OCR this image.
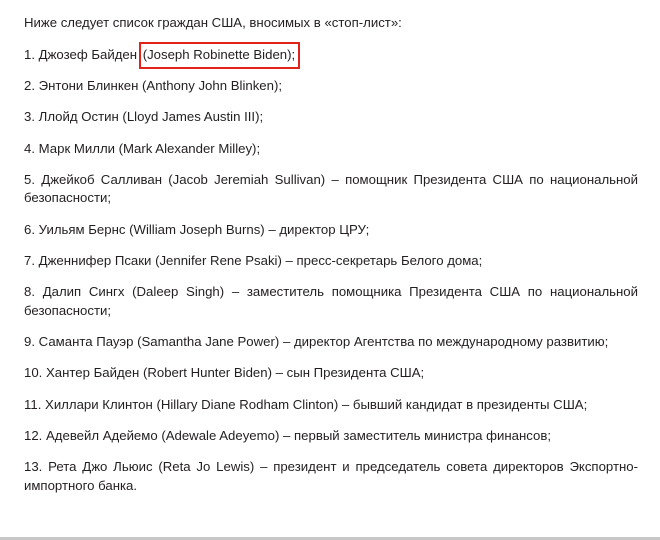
Ниже следует список граждан США, вносимых в «стоп-лист»:

1. Джозеф Байден (Joseph Robinette Biden);

2. Энтони Блинкен (Anthony John Blinken);

3. Ллойд Остин (Lloyd James Austin III);

4. Марк Милли (Mark Alexander Milley);

5. Джейкоб Салливан (Jacob Jeremiah Sullivan) – помощник Президента США по национальной безопасности;

6. Уильям Бернс (William Joseph Burns) – директор ЦРУ;

7. Дженнифер Псаки (Jennifer Rene Psaki) – пресс-секретарь Белого дома;

8. Далип Сингх (Daleep Singh) – заместитель помощника Президента США по национальной безопасности;

9. Саманта Пауэр (Samantha Jane Power) – директор Агентства по международному развитию;

10. Хантер Байден (Robert Hunter Biden) – сын Президента США;

11. Хиллари Клинтон (Hillary Diane Rodham Clinton) – бывший кандидат в президенты США;

12. Адевейл Адейемо (Adewale Adeyemo) – первый заместитель министра финансов;

13. Рета Джо Льюис (Reta Jo Lewis) – президент и председатель совета директоров Экспортно-импортного банка.
